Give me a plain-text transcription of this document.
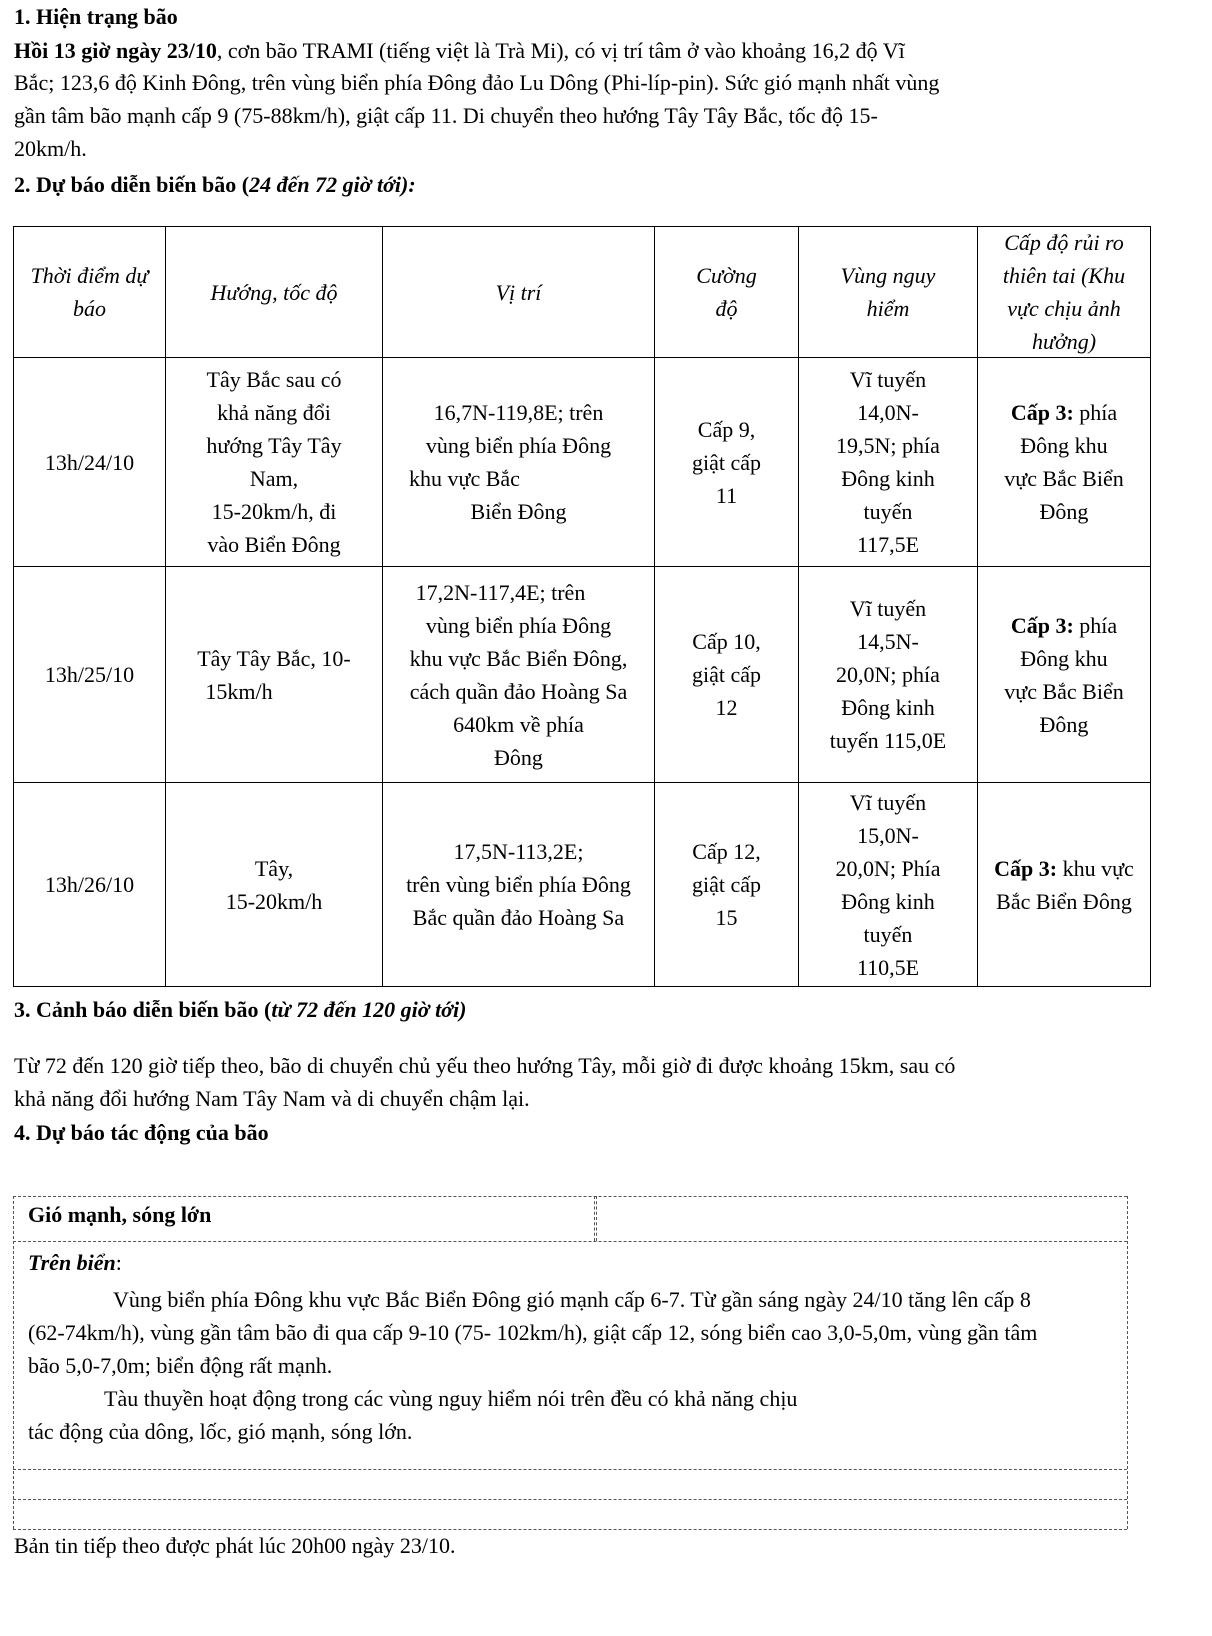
1. Hiện trạng bão
Hồi 13 giờ ngày 23/10, cơn bão TRAMI (tiếng việt là Trà Mi), có vị trí tâm ở vào khoảng 16,2 độ Vĩ
Bắc; 123,6 độ Kinh Đông, trên vùng biển phía Đông đảo Lu Dông (Phi-líp-pin). Sức gió mạnh nhất vùng
gần tâm bão mạnh cấp 9 (75-88km/h), giật cấp 11. Di chuyển theo hướng Tây Tây Bắc, tốc độ 15-
20km/h.
2. Dự báo diễn biến bão (24 đến 72 giờ tới):
Thời điểm dự
báo
Hướng, tốc độ	Vị trí
Cường
độ
Vùng nguy
hiểm
Cấp độ rủi ro
thiên tai (Khu
vực chịu ảnh
hưởng)
13h/24/10
Tây Bắc sau có
khả năng đổi
hướng Tây Tây
Nam,
15-20km/h, đi
vào Biển Đông
16,7N-119,8E; trên
vùng biển phía Đông
khu vực Bắc
Biển Đông
Cấp 9,
giật cấp
11
Vĩ tuyến
14,0N-
19,5N; phía
Đông kinh
tuyến
117,5E
Cấp 3: phía
Đông khu
vực Bắc Biển
Đông
13h/25/10
Tây Tây Bắc, 10-
15km/h
17,2N-117,4E; trên
vùng biển phía Đông
khu vực Bắc Biển Đông,
cách quần đảo Hoàng Sa
640km về phía
Đông
Cấp 10,
giật cấp
12
Vĩ tuyến
14,5N-
20,0N; phía
Đông kinh
tuyến 115,0E
Cấp 3: phía
Đông khu
vực Bắc Biển
Đông
13h/26/10
Tây,
15-20km/h
17,5N-113,2E;
trên vùng biển phía Đông
Bắc quần đảo Hoàng Sa
Cấp 12,
giật cấp
15
Vĩ tuyến
15,0N-
20,0N; Phía
Đông kinh
tuyến
110,5E
Cấp 3: khu vực
Bắc Biển Đông
3. Cảnh báo diễn biến bão (từ 72 đến 120 giờ tới)
Từ 72 đến 120 giờ tiếp theo, bão di chuyển chủ yếu theo hướng Tây, mỗi giờ đi được khoảng 15km, sau có
khả năng đổi hướng Nam Tây Nam và di chuyển chậm lại.
4. Dự báo tác động của bão
Gió mạnh, sóng lớn
Trên biển:
Vùng biển phía Đông khu vực Bắc Biển Đông gió mạnh cấp 6-7. Từ gần sáng ngày 24/10 tăng lên cấp 8
(62-74km/h), vùng gần tâm bão đi qua cấp 9-10 (75- 102km/h), giật cấp 12, sóng biển cao 3,0-5,0m, vùng gần tâm
bão 5,0-7,0m; biển động rất mạnh.
Tàu thuyền hoạt động trong các vùng nguy hiểm nói trên đều có khả năng chịu
tác động của dông, lốc, gió mạnh, sóng lớn.
Bản tin tiếp theo được phát lúc 20h00 ngày 23/10.
